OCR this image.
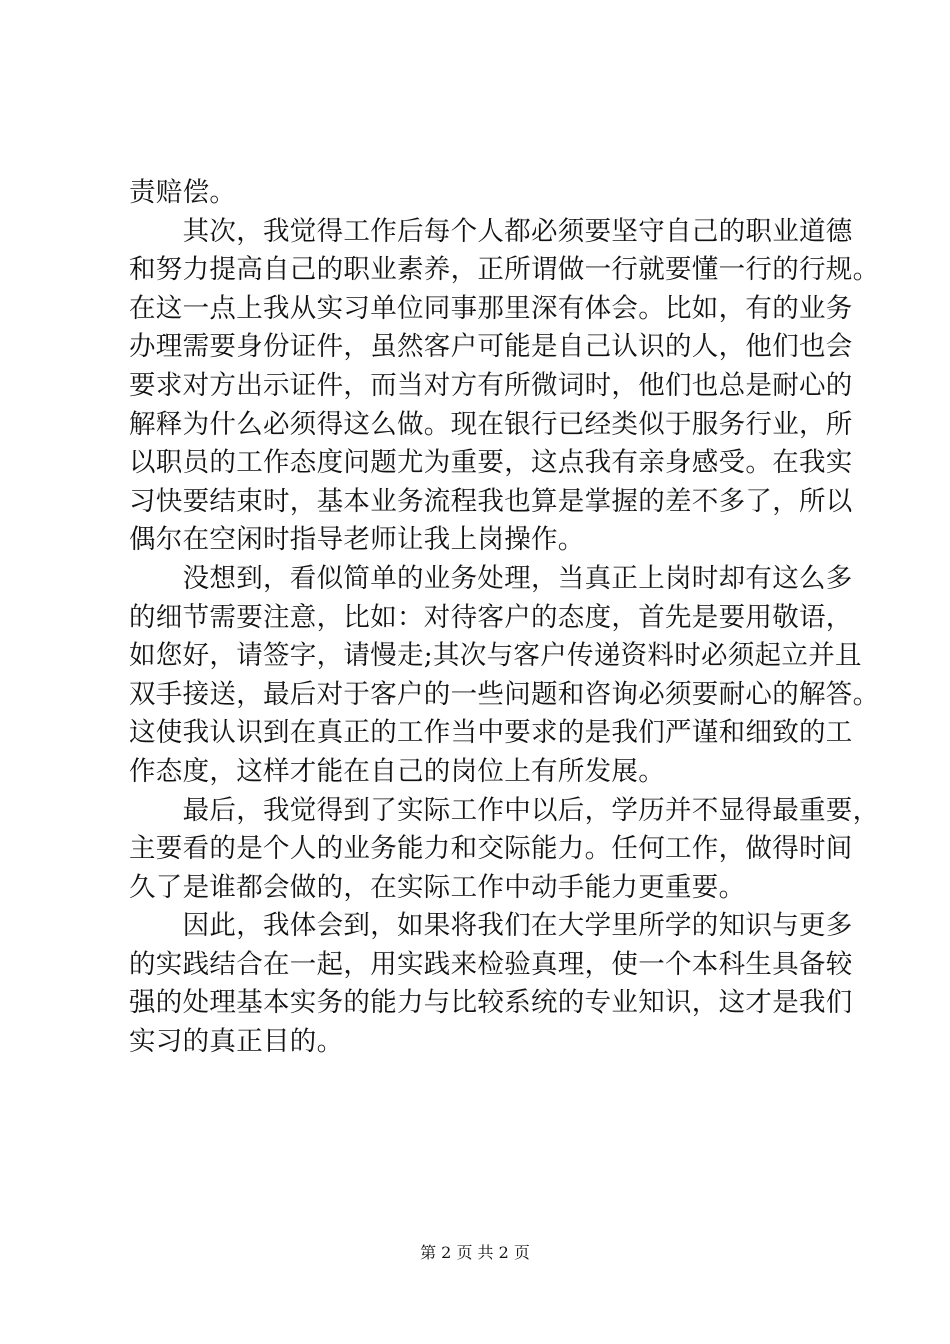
责赔偿。
　　其次，我觉得工作后每个人都必须要坚守自己的职业道德
和努力提高自己的职业素养，正所谓做一行就要懂一行的行规。
在这一点上我从实习单位同事那里深有体会。比如，有的业务
办理需要身份证件，虽然客户可能是自己认识的人，他们也会
要求对方出示证件，而当对方有所微词时，他们也总是耐心的
解释为什么必须得这么做。现在银行已经类似于服务行业，所
以职员的工作态度问题尤为重要，这点我有亲身感受。在我实
习快要结束时，基本业务流程我也算是掌握的差不多了，所以
偶尔在空闲时指导老师让我上岗操作。
　　没想到，看似简单的业务处理，当真正上岗时却有这么多
的细节需要注意，比如：对待客户的态度，首先是要用敬语，
如您好，请签字，请慢走;其次与客户传递资料时必须起立并且
双手接送，最后对于客户的一些问题和咨询必须要耐心的解答。
这使我认识到在真正的工作当中要求的是我们严谨和细致的工
作态度，这样才能在自己的岗位上有所发展。
　　最后，我觉得到了实际工作中以后，学历并不显得最重要，
主要看的是个人的业务能力和交际能力。任何工作，做得时间
久了是谁都会做的，在实际工作中动手能力更重要。
　　因此，我体会到，如果将我们在大学里所学的知识与更多
的实践结合在一起，用实践来检验真理，使一个本科生具备较
强的处理基本实务的能力与比较系统的专业知识，这才是我们
实习的真正目的。
第 2 页 共 2 页
